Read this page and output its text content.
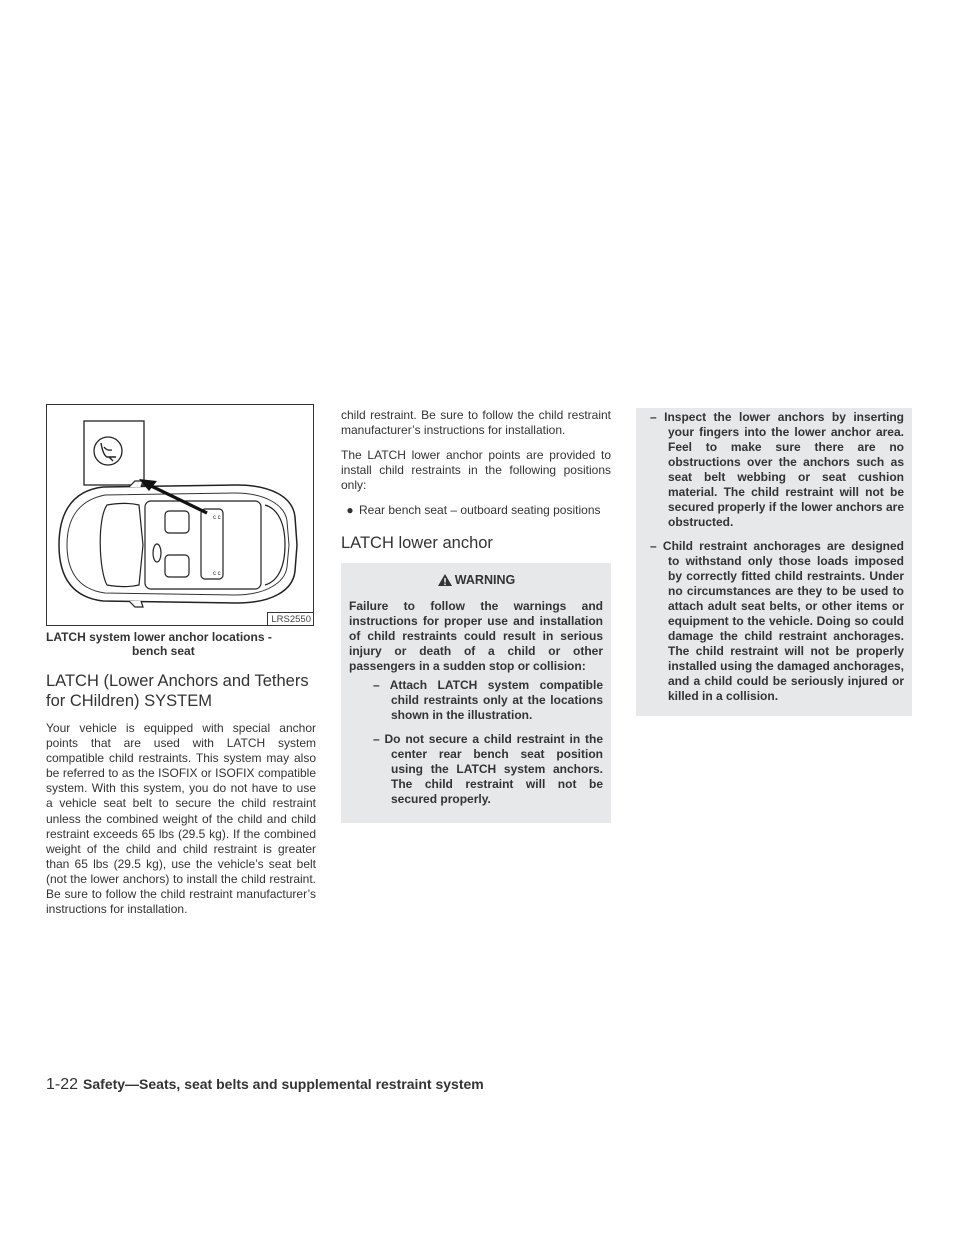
c c
c c
LRS2550
LATCH system lower anchor locations -
bench seat
LATCH (Lower Anchors and Tethers
for CHildren) SYSTEM

Your vehicle is equipped with special anchor points that are used with LATCH system compatible child restraints. This system may also be referred to as the ISOFIX or ISOFIX compatible system. With this system, you do not have to use a vehicle seat belt to secure the child restraint unless the combined weight of the child and child restraint exceeds 65 lbs (29.5 kg). If the combined weight of the child and child restraint is greater than 65 lbs (29.5 kg), use the vehicle’s seat belt (not the lower anchors) to install the child restraint. Be sure to follow the child restraint manufacturer’s instructions for installation.

child restraint. Be sure to follow the child restraint manufacturer’s instructions for installation.

The LATCH lower anchor points are provided to install child restraints in the following positions only:

● Rear bench seat – outboard seating positions
LATCH lower anchor
WARNING

Failure to follow the warnings and instructions for proper use and installation of child restraints could result in serious injury or death of a child or other passengers in a sudden stop or collision:

– Attach LATCH system compatible child restraints only at the locations shown in the illustration.
– Do not secure a child restraint in the center rear bench seat position using the LATCH system anchors. The child restraint will not be secured properly.
– Inspect the lower anchors by inserting your fingers into the lower anchor area. Feel to make sure there are no obstructions over the anchors such as seat belt webbing or seat cushion material. The child restraint will not be secured properly if the lower anchors are obstructed.
– Child restraint anchorages are designed to withstand only those loads imposed by correctly fitted child restraints. Under no circumstances are they to be used to attach adult seat belts, or other items or equipment to the vehicle. Doing so could damage the child restraint anchorages. The child restraint will not be properly installed using the damaged anchorages, and a child could be seriously injured or killed in a collision.
1-22 Safety—Seats, seat belts and supplemental restraint system
